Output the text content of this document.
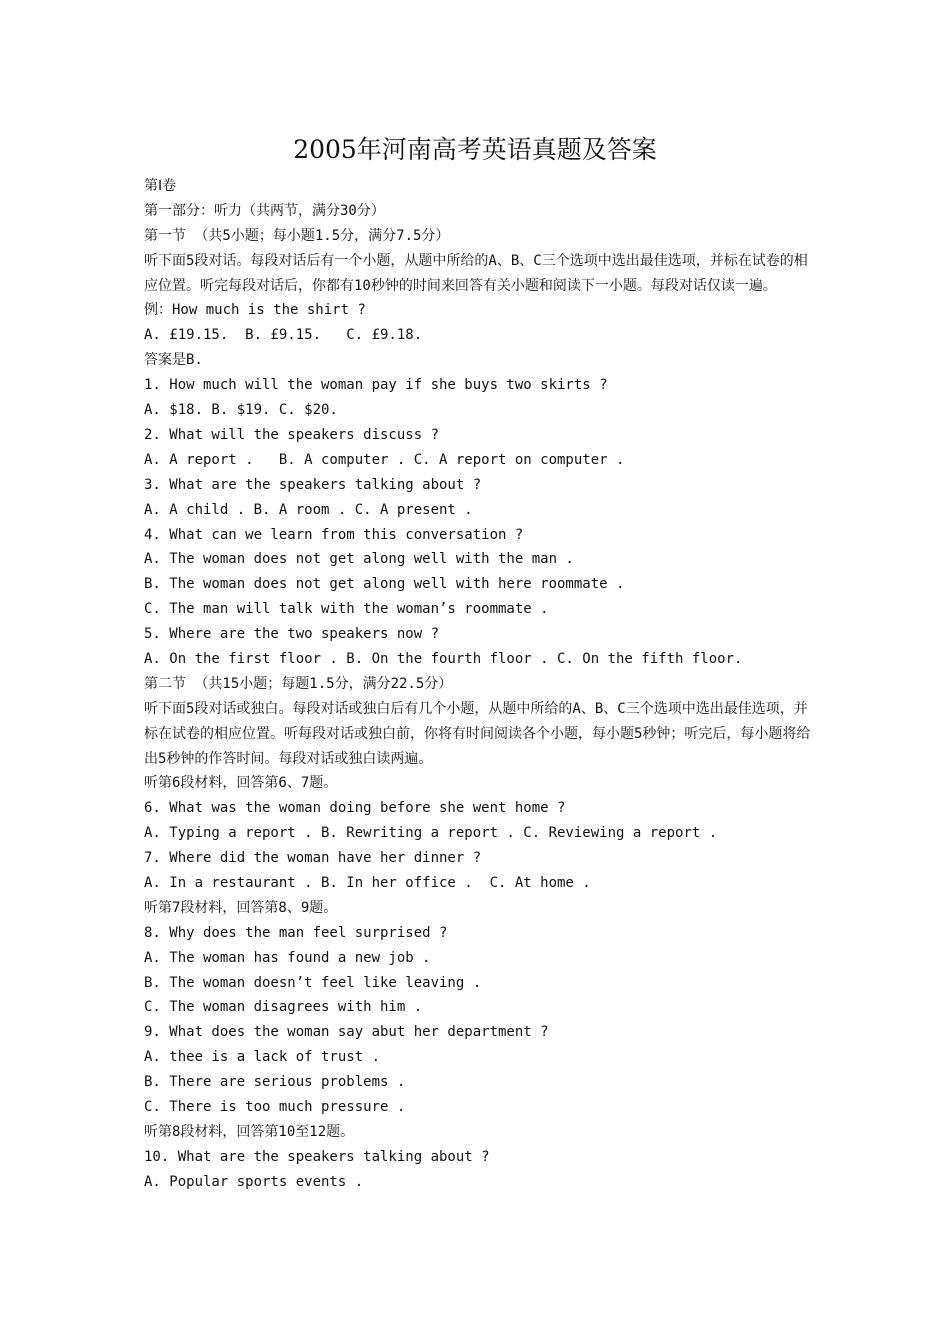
2005年河南高考英语真题及答案
第Ⅰ卷
第一部分：听力（共两节，满分30分）
第一节 （共5小题；每小题1.5分，满分7.5分）
听下面5段对话。每段对话后有一个小题，从题中所给的A、B、C三个选项中选出最佳选项，并标在试卷的相应位置。听完每段对话后，你都有10秒钟的时间来回答有关小题和阅读下一小题。每段对话仅读一遍。
例：How much is the shirt ?
A. £19.15.  B. £9.15.   C. £9.18.
答案是B.
1. How much will the woman pay if she buys two skirts ?
A. $18. B. $19. C. $20.
2. What will the speakers discuss ?
A. A report .   B. A computer . C. A report on computer .
3. What are the speakers talking about ?
A. A child . B. A room . C. A present .
4. What can we learn from this conversation ?
A. The woman does not get along well with the man .
B. The woman does not get along well with here roommate .
C. The man will talk with the woman’s roommate .
5. Where are the two speakers now ?
A. On the first floor . B. On the fourth floor . C. On the fifth floor.
第二节 （共15小题；每题1.5分，满分22.5分）
听下面5段对话或独白。每段对话或独白后有几个小题，从题中所给的A、B、C三个选项中选出最佳选项，并标在试卷的相应位置。听每段对话或独白前，你将有时间阅读各个小题，每小题5秒钟；听完后，每小题将给出5秒钟的作答时间。每段对话或独白读两遍。
听第6段材料，回答第6、7题。
6. What was the woman doing before she went home ?
A. Typing a report . B. Rewriting a report . C. Reviewing a report .
7. Where did the woman have her dinner ?
A. In a restaurant . B. In her office .  C. At home .
听第7段材料，回答第8、9题。
8. Why does the man feel surprised ?
A. The woman has found a new job .
B. The woman doesn’t feel like leaving .
C. The woman disagrees with him .
9. What does the woman say abut her department ?
A. thee is a lack of trust .
B. There are serious problems .
C. There is too much pressure .
听第8段材料，回答第10至12题。
10. What are the speakers talking about ?
A. Popular sports events .
